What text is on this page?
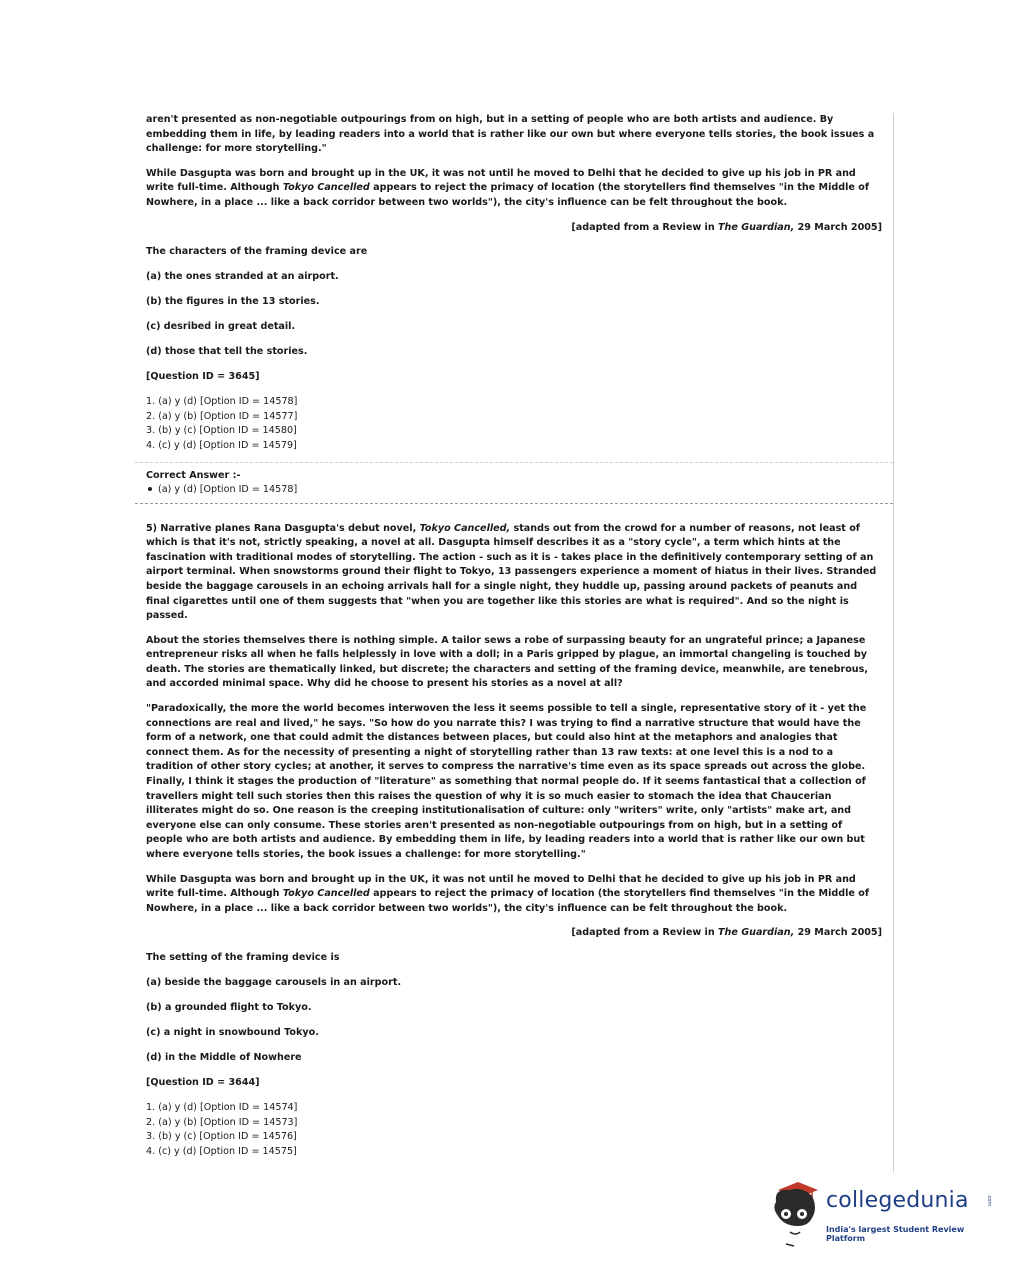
aren't presented as non-negotiable outpourings from on high, but in a setting of people who are both artists and audience. By embedding them in life, by leading readers into a world that is rather like our own but where everyone tells stories, the book issues a challenge: for more storytelling."

While Dasgupta was born and brought up in the UK, it was not until he moved to Delhi that he decided to give up his job in PR and write full-time. Although Tokyo Cancelled appears to reject the primacy of location (the storytellers find themselves "in the Middle of Nowhere, in a place ... like a back corridor between two worlds"), the city's influence can be felt throughout the book.

[adapted from a Review in The Guardian, 29 March 2005]

The characters of the framing device are

(a) the ones stranded at an airport.

(b) the figures in the 13 stories.

(c) desribed in great detail.

(d) those that tell the stories.

[Question ID = 3645]

1. (a) y (d) [Option ID = 14578]
2. (a) y (b) [Option ID = 14577]
3. (b) y (c) [Option ID = 14580]
4. (c) y (d) [Option ID = 14579]
Correct Answer :-
(a) y (d) [Option ID = 14578]

5) Narrative planes Rana Dasgupta's debut novel, Tokyo Cancelled, stands out from the crowd for a number of reasons, not least of which is that it's not, strictly speaking, a novel at all. Dasgupta himself describes it as a "story cycle", a term which hints at the fascination with traditional modes of storytelling. The action - such as it is - takes place in the definitively contemporary setting of an airport terminal. When snowstorms ground their flight to Tokyo, 13 passengers experience a moment of hiatus in their lives. Stranded beside the baggage carousels in an echoing arrivals hall for a single night, they huddle up, passing around packets of peanuts and final cigarettes until one of them suggests that "when you are together like this stories are what is required". And so the night is passed.

About the stories themselves there is nothing simple. A tailor sews a robe of surpassing beauty for an ungrateful prince; a Japanese entrepreneur risks all when he falls helplessly in love with a doll; in a Paris gripped by plague, an immortal changeling is touched by death. The stories are thematically linked, but discrete; the characters and setting of the framing device, meanwhile, are tenebrous, and accorded minimal space. Why did he choose to present his stories as a novel at all?

"Paradoxically, the more the world becomes interwoven the less it seems possible to tell a single, representative story of it - yet the connections are real and lived," he says. "So how do you narrate this? I was trying to find a narrative structure that would have the form of a network, one that could admit the distances between places, but could also hint at the metaphors and analogies that connect them. As for the necessity of presenting a night of storytelling rather than 13 raw texts: at one level this is a nod to a tradition of other story cycles; at another, it serves to compress the narrative's time even as its space spreads out across the globe. Finally, I think it stages the production of "literature" as something that normal people do. If it seems fantastical that a collection of travellers might tell such stories then this raises the question of why it is so much easier to stomach the idea that Chaucerian illiterates might do so. One reason is the creeping institutionalisation of culture: only "writers" write, only "artists" make art, and everyone else can only consume. These stories aren't presented as non-negotiable outpourings from on high, but in a setting of people who are both artists and audience. By embedding them in life, by leading readers into a world that is rather like our own but where everyone tells stories, the book issues a challenge: for more storytelling."

While Dasgupta was born and brought up in the UK, it was not until he moved to Delhi that he decided to give up his job in PR and write full-time. Although Tokyo Cancelled appears to reject the primacy of location (the storytellers find themselves "in the Middle of Nowhere, in a place ... like a back corridor between two worlds"), the city's influence can be felt throughout the book.

[adapted from a Review in The Guardian, 29 March 2005]

The setting of the framing device is

(a) beside the baggage carousels in an airport.

(b) a grounded flight to Tokyo.

(c) a night in snowbound Tokyo.

(d) in the Middle of Nowhere

[Question ID = 3644]

1. (a) y (d) [Option ID = 14574]
2. (a) y (b) [Option ID = 14573]
3. (b) y (c) [Option ID = 14576]
4. (c) y (d) [Option ID = 14575]
collegedunia	.com
India's largest Student Review Platform
